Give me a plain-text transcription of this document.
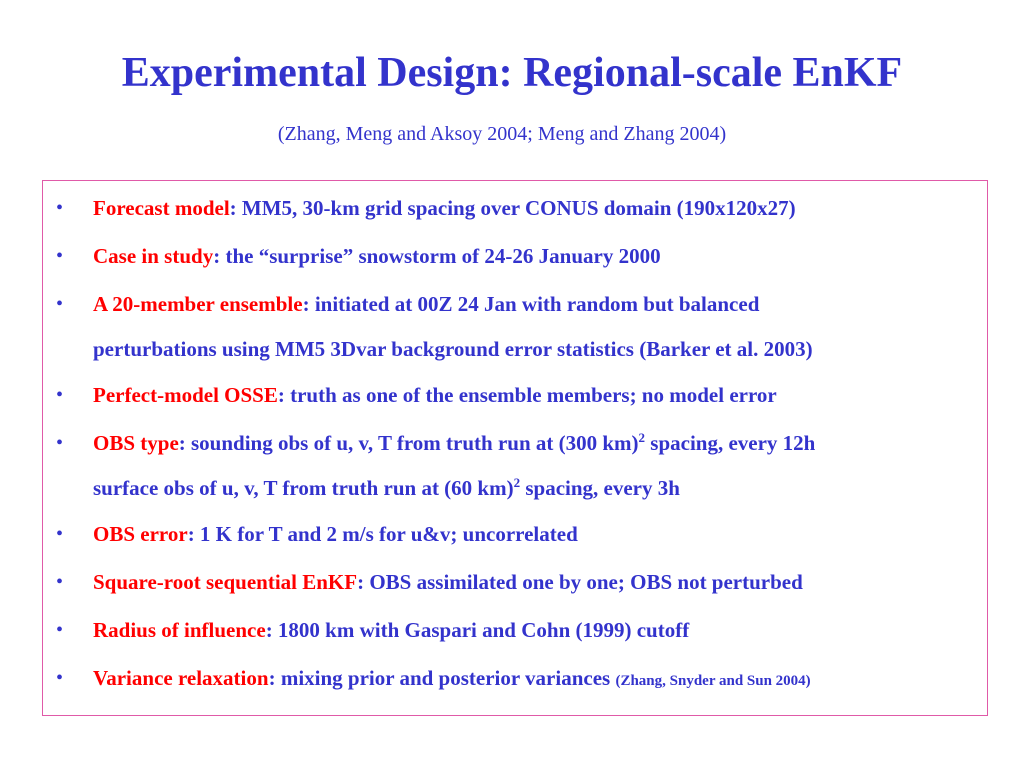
Experimental Design: Regional-scale EnKF
(Zhang, Meng and Aksoy 2004; Meng and Zhang 2004)
• Forecast model: MM5, 30-km grid spacing over CONUS domain (190x120x27)
• Case in study: the “surprise” snowstorm of 24-26 January 2000
• A 20-member ensemble: initiated at 00Z 24 Jan with random but balanced
perturbations using MM5 3Dvar background error statistics (Barker et al. 2003)
• Perfect-model OSSE: truth as one of the ensemble members; no model error
• OBS type: sounding obs of u, v, T from truth run at (300 km)$^2$ spacing, every 12h
surface obs of u, v, T from truth run at (60 km)$^2$ spacing, every 3h
• OBS error: 1 K for T and 2 m/s for u&v; uncorrelated
• Square-root sequential EnKF: OBS assimilated one by one; OBS not perturbed
• Radius of influence: 1800 km with Gaspari and Cohn (1999) cutoff
• Variance relaxation: mixing prior and posterior variances (Zhang, Snyder and Sun 2004)
